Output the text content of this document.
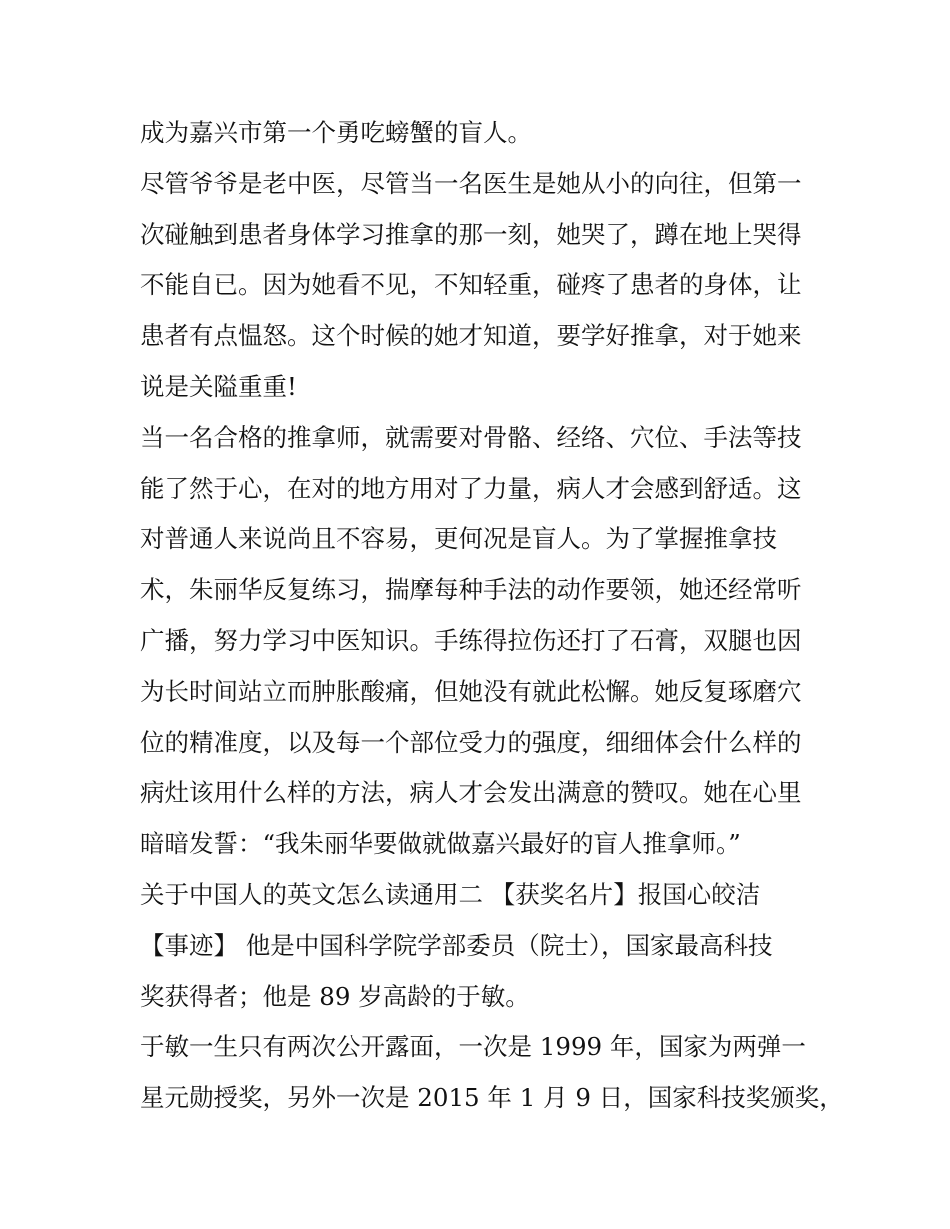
成为嘉兴市第一个勇吃螃蟹的盲人。
尽管爷爷是老中医，尽管当一名医生是她从小的向往，但第一
次碰触到患者身体学习推拿的那一刻，她哭了，蹲在地上哭得
不能自已。因为她看不见，不知轻重，碰疼了患者的身体，让
患者有点愠怒。这个时候的她才知道，要学好推拿，对于她来
说是关隘重重!
当一名合格的推拿师，就需要对骨骼、经络、穴位、手法等技
能了然于心，在对的地方用对了力量，病人才会感到舒适。这
对普通人来说尚且不容易，更何况是盲人。为了掌握推拿技
术，朱丽华反复练习，揣摩每种手法的动作要领，她还经常听
广播，努力学习中医知识。手练得拉伤还打了石膏，双腿也因
为长时间站立而肿胀酸痛，但她没有就此松懈。她反复琢磨穴
位的精准度，以及每一个部位受力的强度，细细体会什么样的
病灶该用什么样的方法，病人才会发出满意的赞叹。她在心里
暗暗发誓：“我朱丽华要做就做嘉兴最好的盲人推拿师。”
关于中国人的英文怎么读通用二 【获奖名片】报国心皎洁
【事迹】 他是中国科学院学部委员（院士），国家最高科技
奖获得者；他是 89 岁高龄的于敏。
于敏一生只有两次公开露面，一次是 1999 年，国家为两弹一
星元勋授奖，另外一次是 2015 年 1 月 9 日，国家科技奖颁奖，
